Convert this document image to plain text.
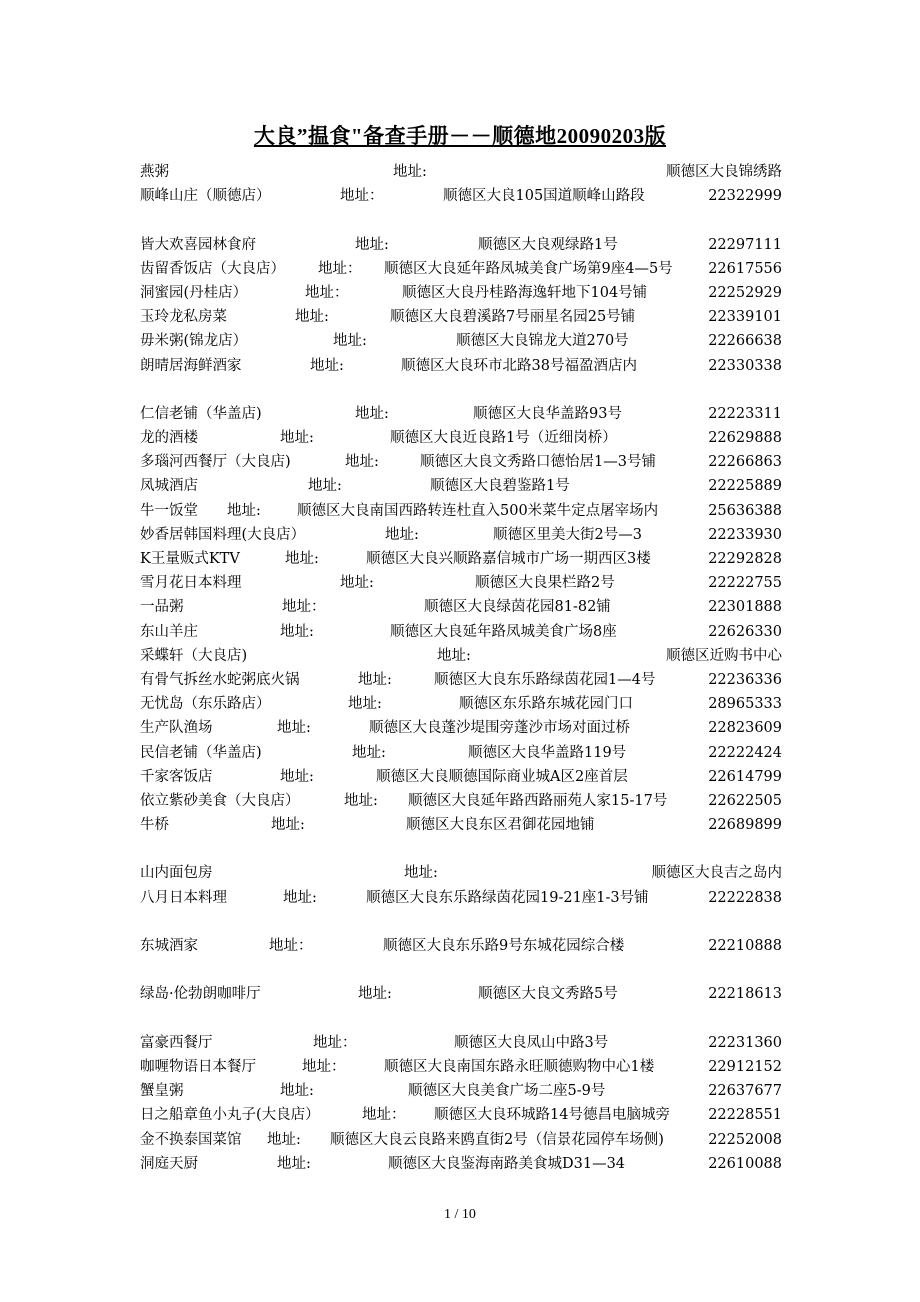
大良”揾食"备查手册－－顺德地20090203版
燕粥	地址:	顺德区大良锦绣路
顺峰山庄（顺德店）	地址：	顺德区大良105国道顺峰山路段	22322999
皆大欢喜园林食府	地址:	顺德区大良观绿路1号	22297111
齿留香饭店（大良店） 地址： 顺德区大良延年路凤城美食广场第9座4—5号 22617556
洞蜜园(丹桂店）	地址：	顺德区大良丹桂路海逸轩地下104号铺	22252929
玉玲龙私房菜	地址:	顺德区大良碧溪路7号丽星名园25号铺	22339101
毋米粥(锦龙店）	地址:	顺德区大良锦龙大道270号	22266638
朗晴居海鲜酒家	地址:	顺德区大良环市北路38号福盈酒店内	22330338
仁信老铺（华盖店)	地址:	顺德区大良华盖路93号	22223311
龙的酒楼	地址:	顺德区大良近良路1号（近细岗桥）	22629888
多瑙河西餐厅（大良店)	地址:	顺德区大良文秀路口德怡居1—3号铺	22266863
凤城酒店	地址:	顺德区大良碧鉴路1号	22225889
牛一饭堂 地址: 顺德区大良南国西路转连杜直入500米菜牛定点屠宰场内	25636388
妙香居韩国料理(大良店）	地址:	顺德区里美大街2号—3	22233930
K王量贩式KTV	地址:	顺德区大良兴顺路嘉信城市广场一期西区3楼	22292828
雪月花日本料理	地址:	顺德区大良果栏路2号	22222755
一品粥	地址：	顺德区大良绿茵花园81-82铺	22301888
东山羊庄	地址:	顺德区大良延年路凤城美食广场8座	22626330
采蝶轩（大良店)	地址:	顺德区近购书中心
有骨气拆丝水蛇粥底火锅	地址:	顺德区大良东乐路绿茵花园1—4号	22236336
无忧岛（东乐路店）	地址:	顺德区东乐路东城花园门口	28965333
生产队渔场	地址:	顺德区大良蓬沙堤围旁蓬沙市场对面过桥	22823609
民信老铺（华盖店)	地址:	顺德区大良华盖路119号	22222424
千家客饭店	地址:	顺德区大良顺德国际商业城A区2座首层	22614799
依立紫砂美食（大良店）	地址: 顺德区大良延年路西路丽苑人家15-17号	22622505
牛桥	地址:	顺德区大良东区君御花园地铺	22689899
山内面包房	地址:	顺德区大良吉之岛内
八月日本料理	地址:	顺德区大良东乐路绿茵花园19-21座1-3号铺	22222838
东城酒家	地址：	顺德区大良东乐路9号东城花园综合楼	22210888
绿岛·伦勃朗咖啡厅	地址:	顺德区大良文秀路5号	22218613
富豪西餐厅	地址：	顺德区大良凤山中路3号	22231360
咖喱物语日本餐厅	地址：	顺德区大良南国东路永旺顺德购物中心1楼	22912152
蟹皇粥	地址:	顺德区大良美食广场二座5-9号	22637677
日之船章鱼小丸子(大良店）	地址： 顺德区大良环城路14号德昌电脑城旁	22228551
金不换泰国菜馆 地址: 顺德区大良云良路来鸥直街2号（信景花园停车场侧)	22252008
洞庭天厨	地址:	顺德区大良鉴海南路美食城D31—34	22610088
1 / 10
